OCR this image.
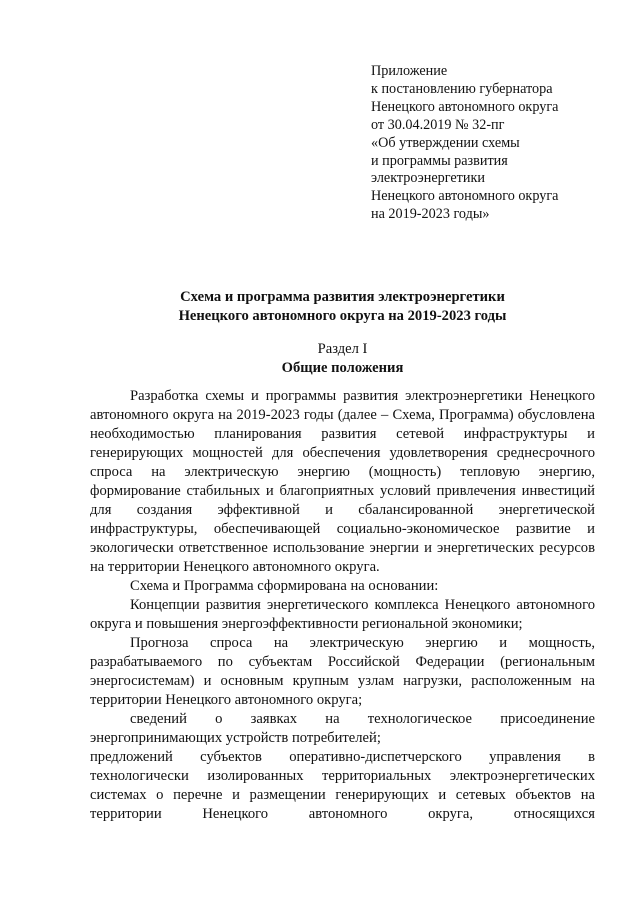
Приложение
к постановлению губернатора
Ненецкого автономного округа
от 30.04.2019 № 32-пг
«Об утверждении схемы
и программы развития
электроэнергетики
Ненецкого автономного округа
на 2019-2023 годы»
Схема и программа развития электроэнергетики
Ненецкого автономного округа на 2019-2023 годы
Раздел I
Общие положения

Разработка схемы и программы развития электроэнергетики Ненецкого автономного округа на 2019-2023 годы (далее – Схема, Программа) обусловлена необходимостью планирования развития сетевой инфраструктуры и генерирующих мощностей для обеспечения удовлетворения среднесрочного спроса на электрическую энергию (мощность) тепловую энергию, формирование стабильных и благоприятных условий привлечения инвестиций для создания эффективной и сбалансированной энергетической инфраструктуры, обеспечивающей социально-экономическое развитие и экологически ответственное использование энергии и энергетических ресурсов на территории Ненецкого автономного округа.

Схема и Программа сформирована на основании:

Концепции развития энергетического комплекса Ненецкого автономного округа и повышения энергоэффективности региональной экономики;

Прогноза спроса на электрическую энергию и мощность, разрабатываемого по субъектам Российской Федерации (региональным энергосистемам) и основным крупным узлам нагрузки, расположенным на территории Ненецкого автономного округа;

сведений о заявках на технологическое присоединение энергопринимающих устройств потребителей;

предложений субъектов оперативно-диспетчерского управления в технологически изолированных территориальных электроэнергетических системах о перечне и размещении генерирующих и сетевых объектов на территории Ненецкого автономного округа, относящихся
